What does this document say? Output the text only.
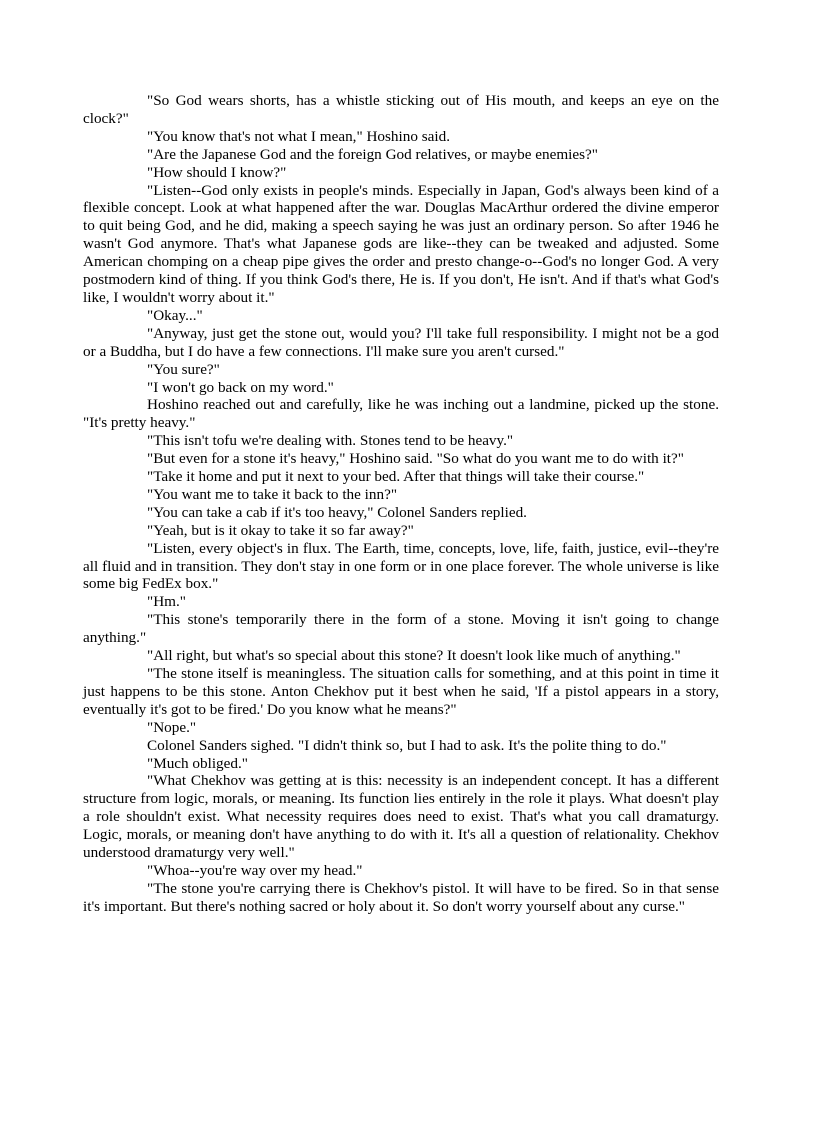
"So God wears shorts, has a whistle sticking out of His mouth, and keeps an eye on the clock?"

"You know that's not what I mean," Hoshino said.

"Are the Japanese God and the foreign God relatives, or maybe enemies?"

"How should I know?"

"Listen--God only exists in people's minds. Especially in Japan, God's always been kind of a flexible concept. Look at what happened after the war. Douglas MacArthur ordered the divine emperor to quit being God, and he did, making a speech saying he was just an ordinary person. So after 1946 he wasn't God anymore. That's what Japanese gods are like--they can be tweaked and adjusted. Some American chomping on a cheap pipe gives the order and presto change-o--God's no longer God. A very postmodern kind of thing. If you think God's there, He is. If you don't, He isn't. And if that's what God's like, I wouldn't worry about it."

"Okay..."

"Anyway, just get the stone out, would you? I'll take full responsibility. I might not be a god or a Buddha, but I do have a few connections. I'll make sure you aren't cursed."

"You sure?"

"I won't go back on my word."

Hoshino reached out and carefully, like he was inching out a landmine, picked up the stone. "It's pretty heavy."

"This isn't tofu we're dealing with. Stones tend to be heavy."

"But even for a stone it's heavy," Hoshino said. "So what do you want me to do with it?"

"Take it home and put it next to your bed. After that things will take their course."

"You want me to take it back to the inn?"

"You can take a cab if it's too heavy," Colonel Sanders replied.

"Yeah, but is it okay to take it so far away?"

"Listen, every object's in flux. The Earth, time, concepts, love, life, faith, justice, evil--they're all fluid and in transition. They don't stay in one form or in one place forever. The whole universe is like some big FedEx box."

"Hm."

"This stone's temporarily there in the form of a stone. Moving it isn't going to change anything."

"All right, but what's so special about this stone? It doesn't look like much of anything."

"The stone itself is meaningless. The situation calls for something, and at this point in time it just happens to be this stone. Anton Chekhov put it best when he said, 'If a pistol appears in a story, eventually it's got to be fired.' Do you know what he means?"

"Nope."

Colonel Sanders sighed. "I didn't think so, but I had to ask. It's the polite thing to do."

"Much obliged."

"What Chekhov was getting at is this: necessity is an independent concept. It has a different structure from logic, morals, or meaning. Its function lies entirely in the role it plays. What doesn't play a role shouldn't exist. What necessity requires does need to exist. That's what you call dramaturgy. Logic, morals, or meaning don't have anything to do with it. It's all a question of relationality. Chekhov understood dramaturgy very well."

"Whoa--you're way over my head."

"The stone you're carrying there is Chekhov's pistol. It will have to be fired. So in that sense it's important. But there's nothing sacred or holy about it. So don't worry yourself about any curse."
